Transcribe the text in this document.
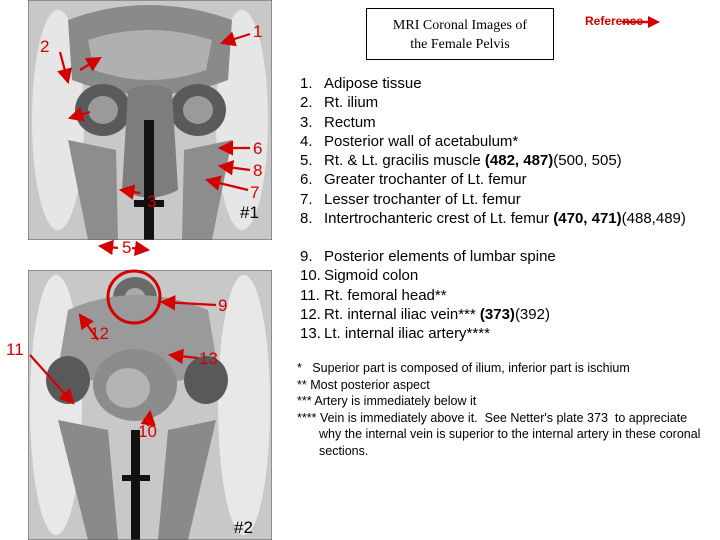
1
2
3
5
6
8
7
#1
9
12
11	13
10
#2
MRI Coronal Images of
the Female Pelvis
Reference
1. Adipose tissue
2. Rt. ilium
3. Rectum
4. Posterior wall of acetabulum*
5. Rt. & Lt. gracilis muscle (482, 487)(500, 505)
6. Greater trochanter of Lt. femur
7. Lesser trochanter of Lt. femur
8. Intertrochanteric crest of Lt. femur (470, 471)(488,489)
9. Posterior elements of lumbar spine
10. Sigmoid colon
11. Rt. femoral head**
12. Rt. internal iliac vein*** (373)(392)
13. Lt. internal iliac artery****
*   Superior part is composed of ilium, inferior part is ischium
** Most posterior aspect
*** Artery is immediately below it
**** Vein is immediately above it.  See Netter's plate 373  to appreciate why the internal vein is superior to the internal artery in these coronal sections.
